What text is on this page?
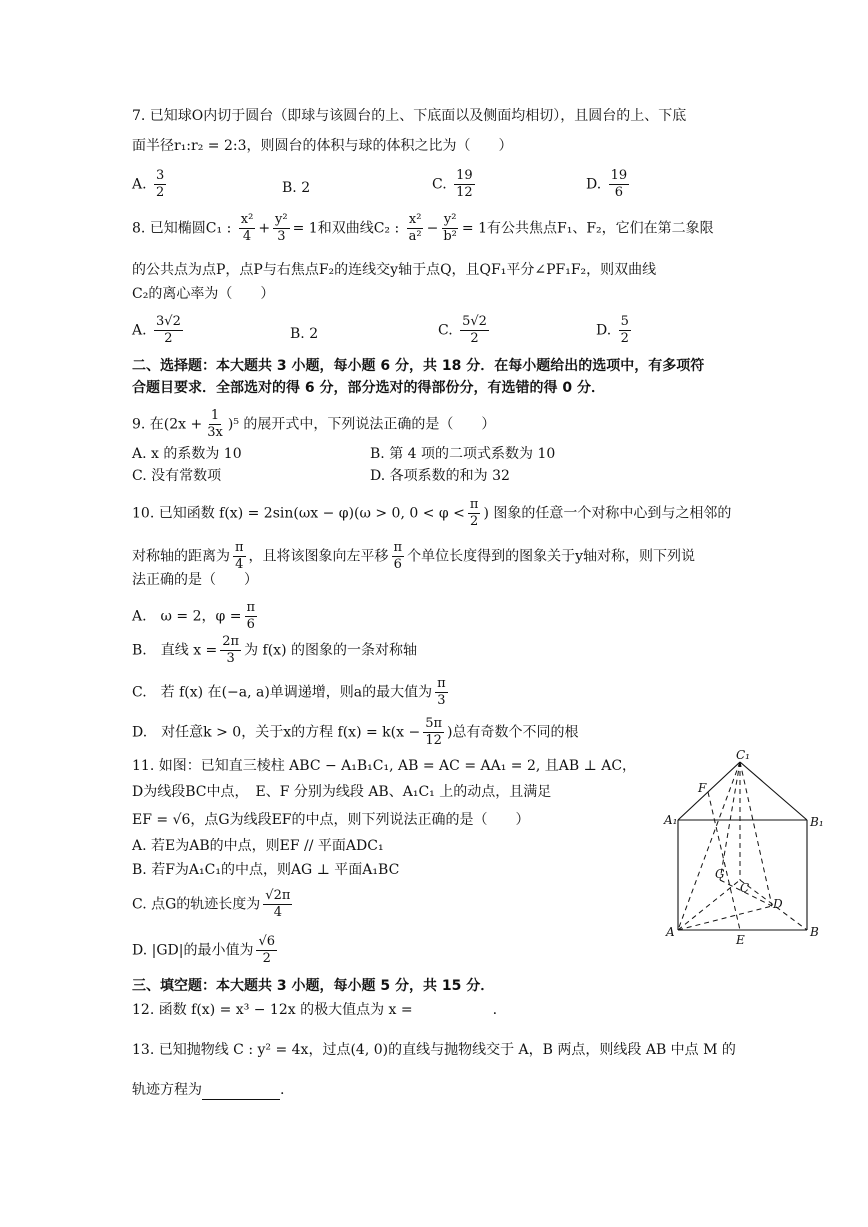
7. 已知球O内切于圆台（即球与该圆台的上、下底面以及侧面均相切），且圆台的上、下底
面半径r₁:r₂ = 2:3，则圆台的体积与球的体积之比为（　　）
A. $\frac{3}{2}$	B. 2	C. $\frac{19}{12}$	D. $\frac{19}{6}$
8. 已知椭圆C₁ : $\frac{\text{x²}}{4} + \frac{\text{y²}}{3} = 1$和双曲线C₂ : $\frac{\text{x²}}{\text{a²}} - \frac{\text{y²}}{\text{b²}} = 1$有公共焦点F₁、F₂，它们在第二象限
的公共点为点P，点P与右焦点F₂的连线交y轴于点Q，且QF₁平分∠PF₁F₂，则双曲线
C₂的离心率为（　　）
A. $\frac{3√2}{2}$	B. 2	C. $\frac{5√2}{2}$	D. $\frac{5}{2}$
二、选择题：本大题共 3 小题，每小题 6 分，共 18 分．在每小题给出的选项中，有多项符
合题目要求．全部选对的得 6 分，部分选对的得部份分，有选错的得 0 分．
9. 在$(2x + \frac{1}{3x} )^5$ 的展开式中，下列说法正确的是（　　）
A. x 的系数为 10	B. 第 4 项的二项式系数为 10
C. 没有常数项	D. 各项系数的和为 32
10. 已知函数 f(x) = 2sin(ωx − φ)(ω > 0, $0 < \varphi < \frac{\pi}{2}$ ) 图象的任意一个对称中心到与之相邻的
对称轴的距离为 $\frac{\pi}{4}$ ，且将该图象向左平移 $\frac{\pi}{6}$ 个单位长度得到的图象关于y轴对称，则下列说
法正确的是（　　）
A.　ω = 2，$\varphi = \frac{\pi}{6}$
B.　直线 $x = \frac{2\pi}{3}$ 为 f(x) 的图象的一条对称轴
C.　若 f(x) 在(−a, a)单调递增，则a的最大值为 $\frac{\pi}{3}$
D.　对任意k > 0，关于x的方程 $f(x) = k(x - \frac{5\pi}{12}$ )总有奇数个不同的根
11. 如图：已知直三棱柱 ABC − A₁B₁C₁, AB = AC = AA₁ = 2, 且AB ⊥ AC，
D为线段BC中点，　E、F 分别为线段 AB、A₁C₁ 上的动点，且满足
EF = √6，点G为线段EF的中点，则下列说法正确的是（　　）
A. 若E为AB的中点，则EF // 平面ADC₁
B. 若F为A₁C₁的中点，则AG ⊥ 平面A₁BC
C. 点G的轨迹长度为 $\frac{√2\pi}{4}$
D. |GD|的最小值为 $\frac{√6}{2}$
C₁
F
A₁	B₁
G
C
D
A
E
B
三、填空题：本大题共 3 小题，每小题 5 分，共 15 分．
12. 函数 f(x) = x³ − 12x 的极大值点为 x =	.
13. 已知抛物线 C : y² = 4x，过点(4, 0)的直线与抛物线交于 A，B 两点，则线段 AB 中点 M 的
轨迹方程为	.
